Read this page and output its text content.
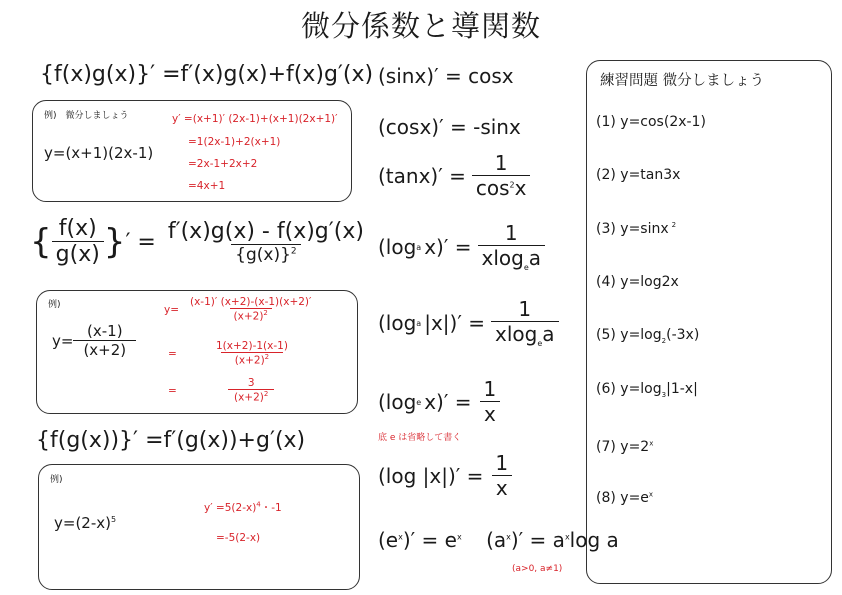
微分係数と導関数
{f(x)g(x)}′ =f′(x)g(x)+f(x)g′(x)
例)　微分しましょう
y=(x+1)(2x-1)
y′ =(x+1)′ (2x-1)+(x+1)(2x+1)′
=1(2x-1)+2(x+1)
=2x-1+2x+2
=4x+1
{ $\frac{f(x)}{g(x)}$ } ′ = $\frac{f'(x)g(x) - f(x)g'(x)}{\{g(x)\}^2}$
例)
$y= \frac{(x-1)}{(x+2)}$
$y= \frac{(x-1)' (x+2)-(x-1)(x+2)'}{(x+2)^2}$
=	$\frac{1(x+2)-1(x-1)}{(x+2)^2}$
=	$\frac{3}{(x+2)^2}$
{f(g(x))}′ =f′(g(x))+g′(x)
例)
$y=(2-x)^5$
$y' =5(2-x)^4$・-1
=-5(2-x)
(sinx)′ = cosx
(cosx)′ = -sinx
$(\tan x)' = \frac{1}{\cos^2x}$
(log a $x)' = \frac{1}{xlog_ea}$
(log a $|x|)' = \frac{1}{xlog_ea}$
(log e $x)' = \frac{1}{x}$
底 e は省略して書く
(log $|x|)' = \frac{1}{x}$
$(e^x)' = e^x$ $(a^x)' = a^x\log$ a
(a>0, a≠1)
練習問題 微分しましょう
(1) y=cos(2x-1)
(2) y=tan3x
(3) y=sinx $^2$
(4) y=log2x
(5) $y=\log_2(-3x)$
(6) $y=\log_3|1-x|$
(7) $y=2^x$
(8) $y=e^x$
